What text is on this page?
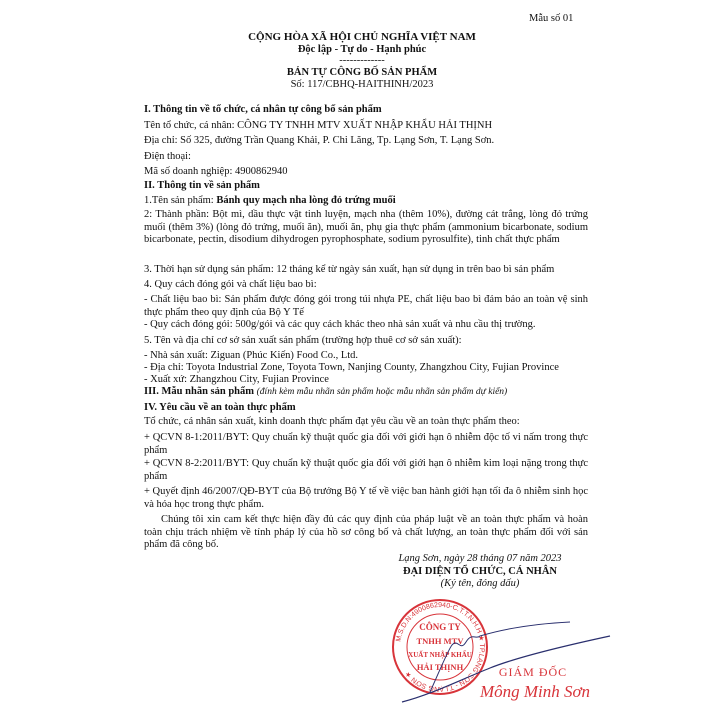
Mẫu số 01
CỘNG HÒA XÃ HỘI CHỦ NGHĨA VIỆT NAM
Độc lập - Tự do - Hạnh phúc
-------------
BẢN TỰ CÔNG BỐ SẢN PHẨM
Số: 117/CBHQ-HAITHINH/2023
I. Thông tin về tổ chức, cá nhân tự công bố sản phẩm
Tên tổ chức, cá nhân: CÔNG TY TNHH MTV XUẤT NHẬP KHẨU HẢI THỊNH
Địa chỉ: Số 325, đường Trần Quang Khải, P. Chi Lăng, Tp. Lạng Sơn, T. Lạng Sơn.
Điện thoại:
Mã số doanh nghiệp: 4900862940
II. Thông tin về sản phẩm
1.Tên sản phẩm: Bánh quy mạch nha lòng đỏ trứng muối
2: Thành phần: Bột mì, dầu thực vật tinh luyện, mạch nha (thêm 10%), đường cát trắng, lòng đỏ trứng muối (thêm 3%) (lòng đỏ trứng, muối ăn), muối ăn, phụ gia thực phẩm (ammonium bicarbonate, sodium bicarbonate, pectin, disodium dihydrogen pyrophosphate, sodium pyrosulfite), tinh chất thực phẩm
3. Thời hạn sử dụng sản phẩm: 12 tháng kể từ ngày sản xuất, hạn sử dụng in trên bao bì sản phẩm
4. Quy cách đóng gói và chất liệu bao bì:
- Chất liệu bao bì: Sản phẩm được đóng gói trong túi nhựa PE, chất liệu bao bì đảm bảo an toàn vệ sinh thực phẩm theo quy định của Bộ Y Tế
- Quy cách đóng gói: 500g/gói và các quy cách khác theo nhà sản xuất và nhu cầu thị trường.
5. Tên và địa chỉ cơ sở sản xuất sản phẩm (trường hợp thuê cơ sở sản xuất):
- Nhà sản xuất: Ziguan (Phúc Kiến) Food Co., Ltd.
- Địa chỉ: Toyota Industrial Zone, Toyota Town, Nanjing County, Zhangzhou City, Fujian Province
- Xuất xứ: Zhangzhou City, Fujian Province
III. Mẫu nhãn sản phẩm (đính kèm mẫu nhãn sản phẩm hoặc mẫu nhãn sản phẩm dự kiến)
IV. Yêu cầu về an toàn thực phẩm
Tổ chức, cá nhân sản xuất, kinh doanh thực phẩm đạt yêu cầu về an toàn thực phẩm theo:
+ QCVN 8-1:2011/BYT: Quy chuẩn kỹ thuật quốc gia đối với giới hạn ô nhiễm độc tố vi nấm trong thực phẩm
+ QCVN 8-2:2011/BYT: Quy chuẩn kỹ thuật quốc gia đối với giới hạn ô nhiễm kim loại nặng trong thực phẩm
+ Quyết định 46/2007/QĐ-BYT của Bộ trưởng Bộ Y tế về việc ban hành giới hạn tối đa ô nhiễm sinh học và hóa học trong thực phẩm.
Chúng tôi xin cam kết thực hiện đầy đủ các quy định của pháp luật về an toàn thực phẩm và hoàn toàn chịu trách nhiệm về tính pháp lý của hồ sơ công bố và chất lượng, an toàn thực phẩm đối với sản phẩm đã công bố.
Lạng Sơn, ngày 28 tháng 07 năm 2023
ĐẠI DIỆN TỔ CHỨC, CÁ NHÂN
(Ký tên, đóng dấu)
M.S.D.N:4900862940-C.T.T.N.H.H ★ TP.LẠNG SƠN - T.LẠNG SƠN ★
CÔNG TY
TNHH MTV
XUẤT NHẬP KHẨU
HẢI THỊNH	GIÁM ĐỐC
Mông Minh Sơn
